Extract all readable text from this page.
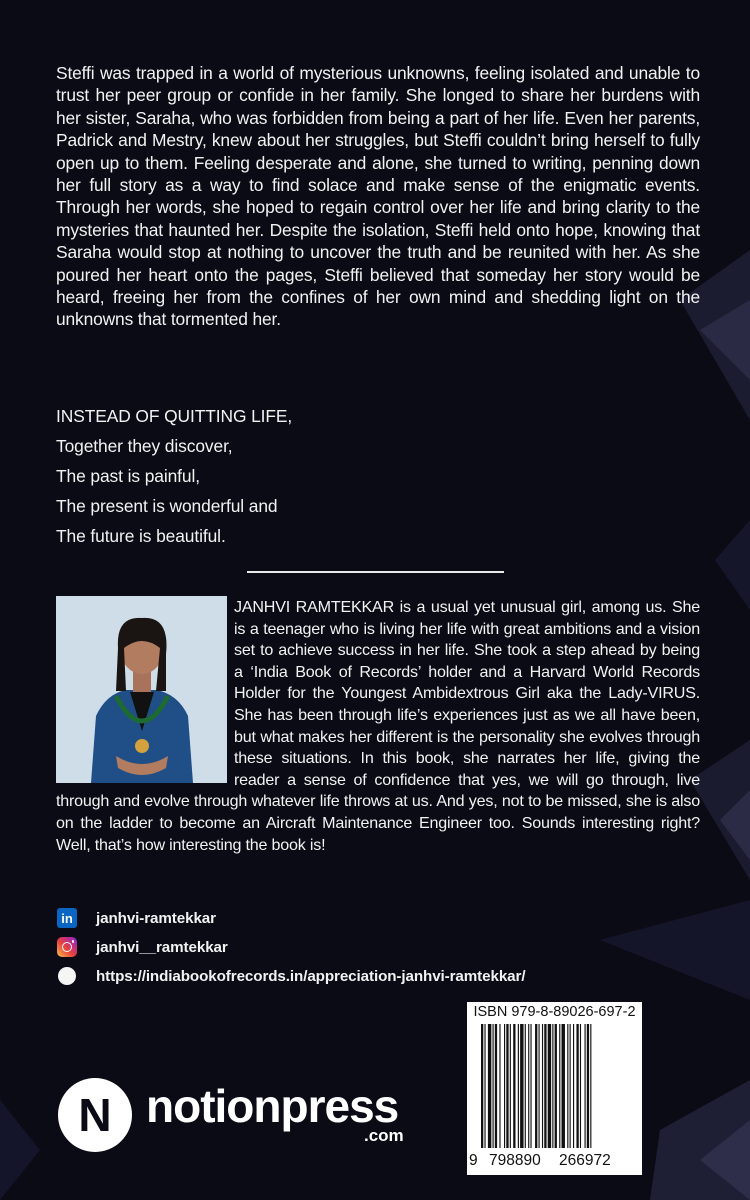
Steffi was trapped in a world of mysterious unknowns, feeling isolated and unable to trust her peer group or confide in her family. She longed to share her burdens with her sister, Saraha, who was forbidden from being a part of her life. Even her parents, Padrick and Mestry, knew about her struggles, but Steffi couldn’t bring herself to fully open up to them. Feeling desperate and alone, she turned to writing, penning down her full story as a way to find solace and make sense of the enigmatic events. Through her words, she hoped to regain control over her life and bring clarity to the mysteries that haunted her. Despite the isolation, Steffi held onto hope, knowing that Saraha would stop at nothing to uncover the truth and be reunited with her. As she poured her heart onto the pages, Steffi believed that someday her story would be heard, freeing her from the confines of her own mind and shedding light on the unknowns that tormented her.

INSTEAD OF QUITTING LIFE,
Together they discover,
The past is painful,
The present is wonderful and
The future is beautiful.

JANHVI RAMTEKKAR is a usual yet unusual girl, among us. She is a teenager who is living her life with great ambitions and a vision set to achieve success in her life. She took a step ahead by being a ‘India Book of Records’ holder and a Harvard World Records Holder for the Youngest Ambidextrous Girl aka the Lady-VIRUS. She has been through life’s experiences just as we all have been, but what makes her different is the personality she evolves through these situations. In this book, she narrates her life, giving the reader a sense of confidence that yes, we will go through, live through and evolve through whatever life throws at us. And yes, not to be missed, she is also on the ladder to become an Aircraft Maintenance Engineer too. Sounds interesting right? Well, that’s how interesting the book is!

in janhvi-ramtekkar
janhvi__ramtekkar
https://indiabookofrecords.in/appreciation-janhvi-ramtekkar/
ISBN 979-8-89026-697-2
9 798890 266972
N notionpress
.com
